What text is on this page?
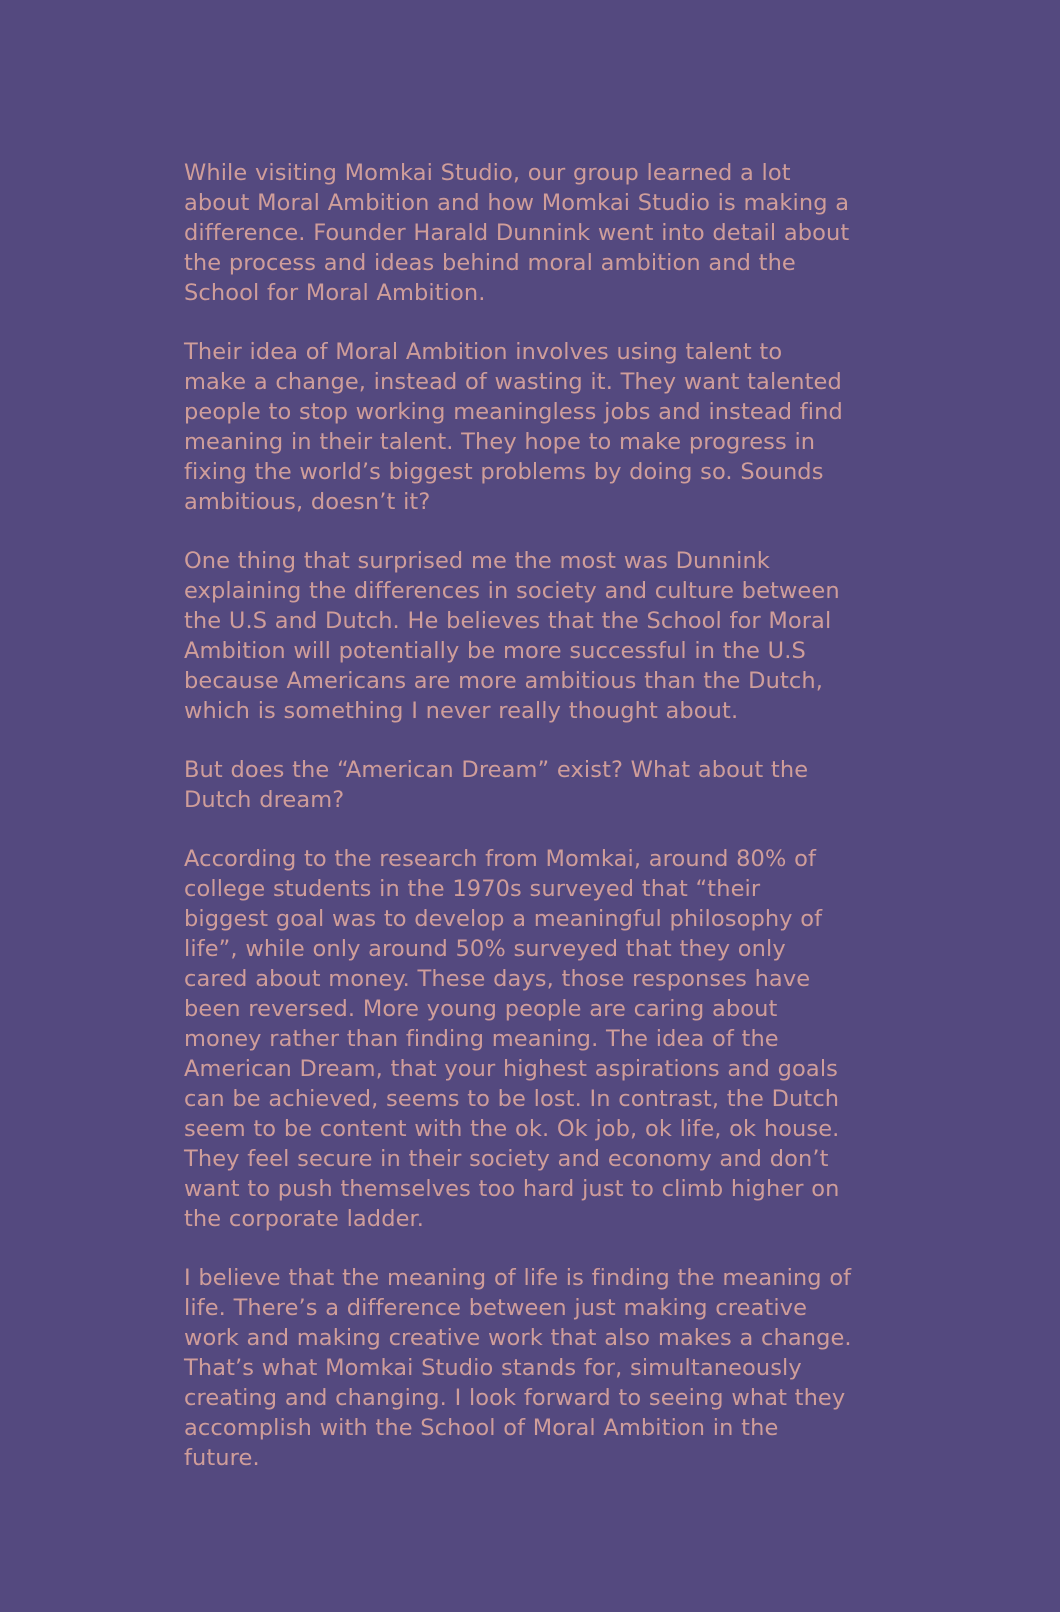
While visiting Momkai Studio, our group learned a lot about Moral Ambition and how Momkai Studio is making a difference. Founder Harald Dunnink went into detail about the process and ideas behind moral ambition and the School for Moral Ambition.

Their idea of Moral Ambition involves using talent to make a change, instead of wasting it. They want talented people to stop working meaningless jobs and instead find meaning in their talent. They hope to make progress in fixing the world’s biggest problems by doing so. Sounds ambitious, doesn’t it?

One thing that surprised me the most was Dunnink explaining the differences in society and culture between the U.S and Dutch. He believes that the School for Moral Ambition will potentially be more successful in the U.S because Americans are more ambitious than the Dutch, which is something I never really thought about.

But does the “American Dream” exist? What about the Dutch dream?

According to the research from Momkai, around 80% of college students in the 1970s surveyed that “their biggest goal was to develop a meaningful philosophy of life”, while only around 50% surveyed that they only cared about money. These days, those responses have been reversed. More young people are caring about money rather than finding meaning. The idea of the American Dream, that your highest aspirations and goals can be achieved, seems to be lost. In contrast, the Dutch seem to be content with the ok. Ok job, ok life, ok house. They feel secure in their society and economy and don’t want to push themselves too hard just to climb higher on the corporate ladder.

I believe that the meaning of life is finding the meaning of life. There’s a difference between just making creative work and making creative work that also makes a change. That’s what Momkai Studio stands for, simultaneously creating and changing. I look forward to seeing what they accomplish with the School of Moral Ambition in the future.
